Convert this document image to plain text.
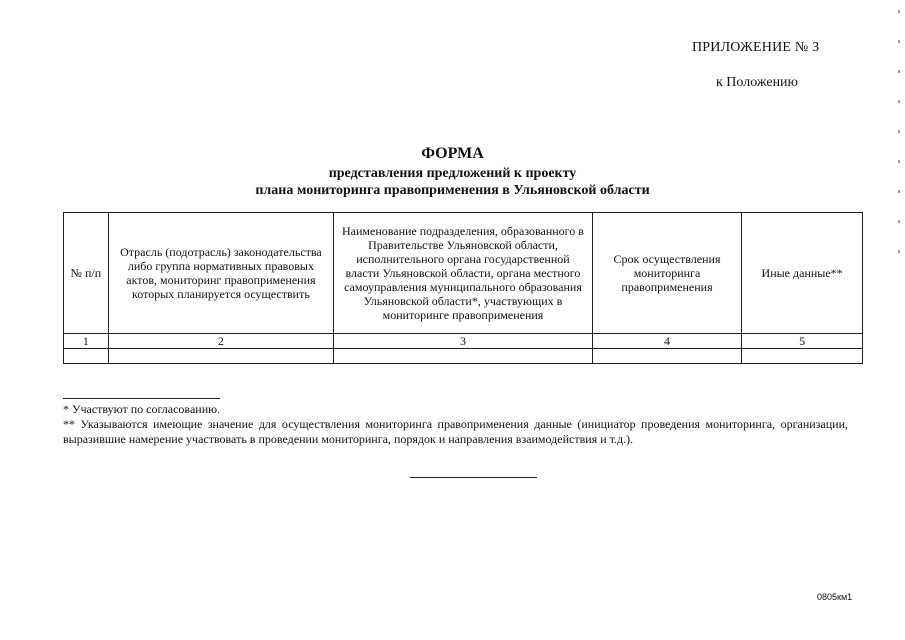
ПРИЛОЖЕНИЕ № 3
к Положению
ФОРМА
представления предложений к проекту
плана мониторинга правоприменения в Ульяновской области
№ п/п	Отрасль (подотрасль) законодательства либо группа нормативных правовых актов, мониторинг правоприменения которых планируется осуществить	Наименование подразделения, образованного в Правительстве Ульяновской области, исполнительного органа государственной власти Ульяновской области, органа местного самоуправления муниципального образования Ульяновской области*, участвующих в мониторинге правоприменения	Срок осуществления мониторинга правоприменения	Иные данные**
1	2	3	4	5

* Участвуют по согласованию.
** Указываются имеющие значение для осуществления мониторинга правоприменения данные (инициатор проведения мониторинга, организации, выразившие намерение участвовать в проведении мониторинга, порядок и направления взаимодействия и т.д.).
0805км1
